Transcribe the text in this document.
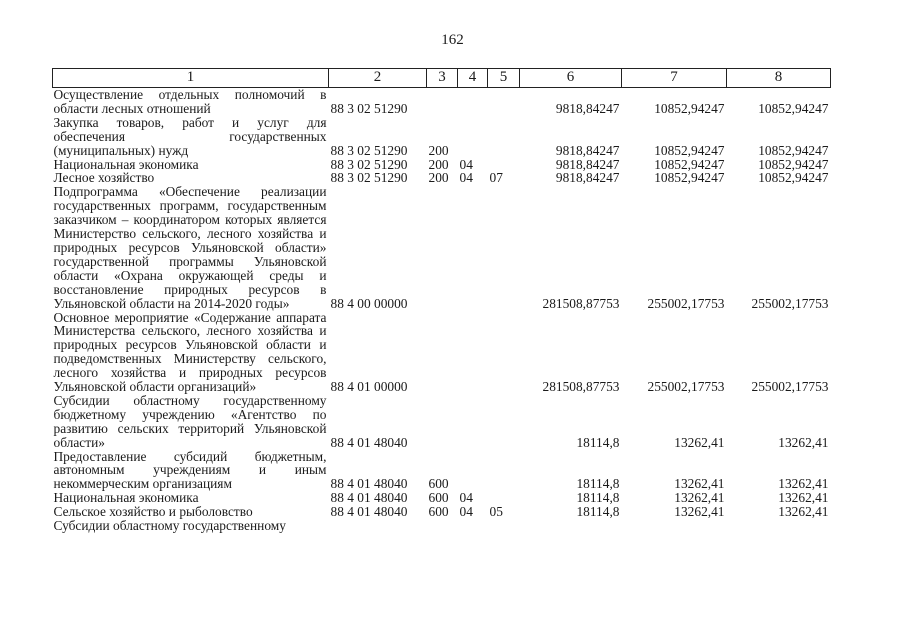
162
1	2	3	4	5	6	7	8
Осуществление отдельных полномочий в области лесных отношений	88 3 02 51290				9818,84247	10852,94247	10852,94247
Закупка товаров, работ и услуг для обеспечения государственных (муниципальных) нужд	88 3 02 51290	200			9818,84247	10852,94247	10852,94247
Национальная экономика	88 3 02 51290	200	04		9818,84247	10852,94247	10852,94247
Лесное хозяйство	88 3 02 51290	200	04	07	9818,84247	10852,94247	10852,94247
Подпрограмма «Обеспечение реализации государственных программ, государственным заказчиком – координатором которых является Министерство сельского, лесного хозяйства и природных ресурсов Ульяновской области» государственной программы Ульяновской области «Охрана окружающей среды и восстановление природных ресурсов в Ульяновской области на 2014-2020 годы»	88 4 00 00000				281508,87753	255002,17753	255002,17753
Основное мероприятие «Содержание аппарата Министерства сельского, лесного хозяйства и природных ресурсов Ульяновской области и подведомственных Министерству сельского, лесного хозяйства и природных ресурсов Ульяновской области организаций»	88 4 01 00000				281508,87753	255002,17753	255002,17753
Субсидии областному государственному бюджетному учреждению «Агентство по развитию сельских территорий Ульяновской области»	88 4 01 48040				18114,8	13262,41	13262,41
Предоставление субсидий бюджетным, автономным учреждениям и иным некоммерческим организациям	88 4 01 48040	600			18114,8	13262,41	13262,41
Национальная экономика	88 4 01 48040	600	04		18114,8	13262,41	13262,41
Сельское хозяйство и рыболовство	88 4 01 48040	600	04	05	18114,8	13262,41	13262,41
Субсидии областному государственному							
